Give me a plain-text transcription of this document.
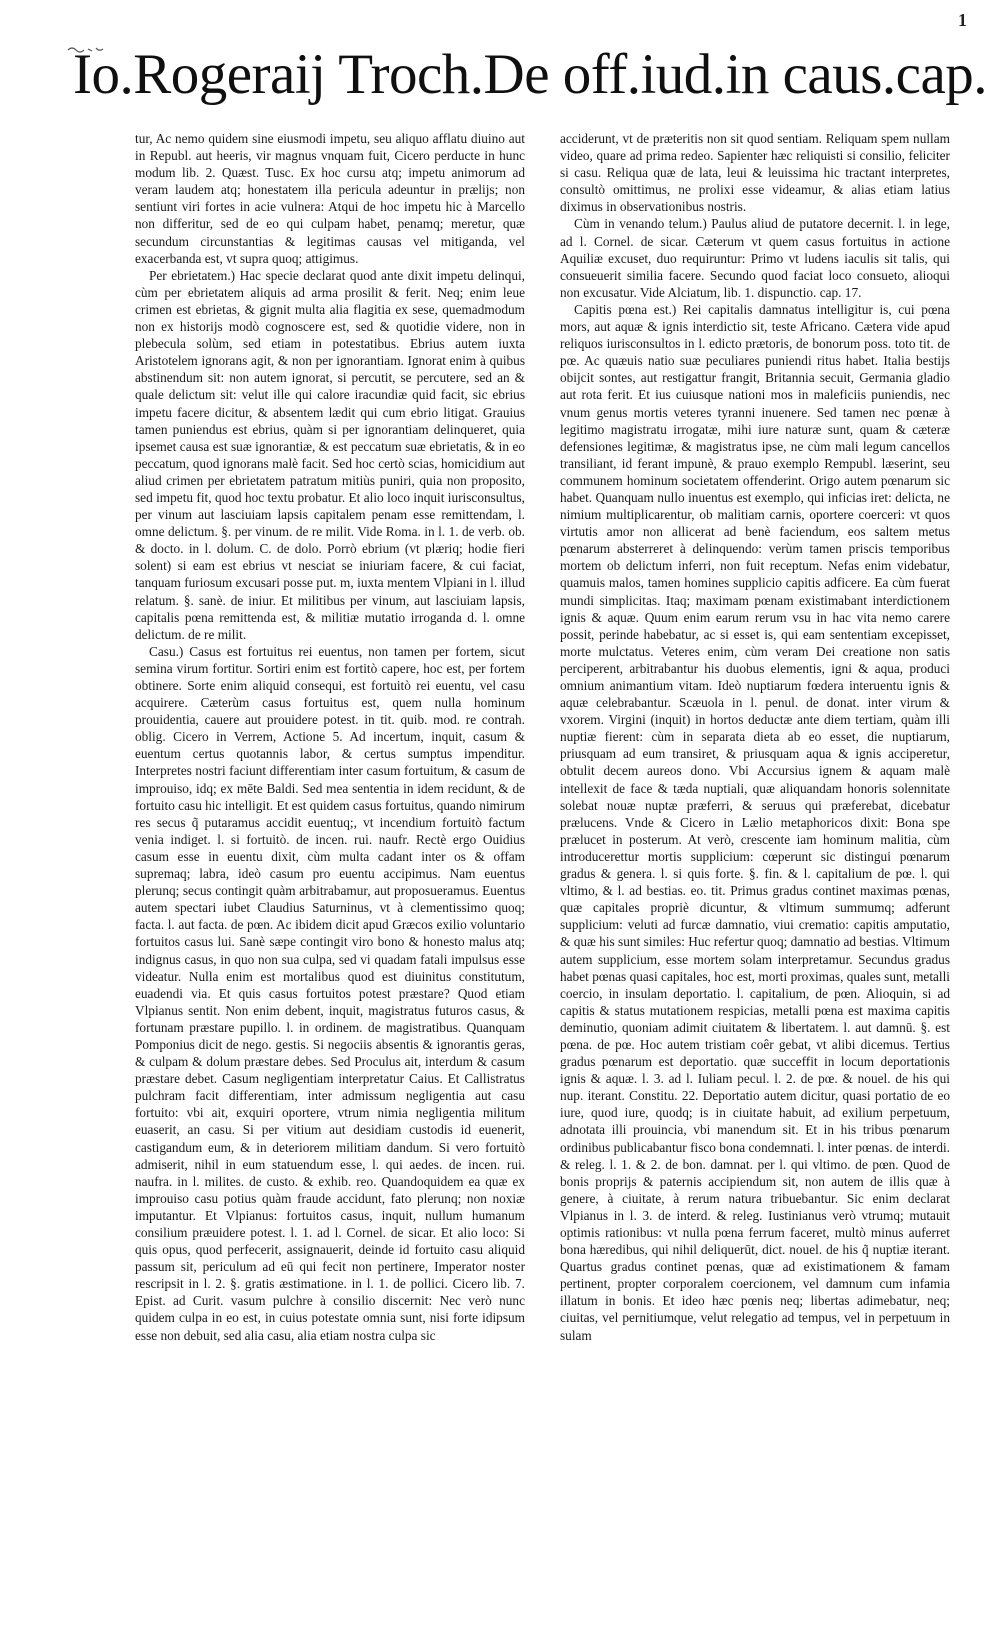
1
Io.Rogeraij Troch.De off.iud.in caus.cap.

tur, Ac nemo quidem sine eiusmodi impetu, seu aliquo afflatu diuino aut in Republ. aut heeris, vir magnus vnquam fuit, Cicero perducte in hunc modum lib. 2. Quæst. Tusc. Ex hoc cursu atq; impetu animorum ad veram laudem atq; honestatem illa pericula adeuntur in prælijs; non sentiunt viri fortes in acie vulnera: Atqui de hoc impetu hic à Marcello non differitur, sed de eo qui culpam habet, penamq; meretur, quæ secundum circunstantias & legitimas causas vel mitiganda, vel exacerbanda est, vt supra quoq; attigimus.

Per ebrietatem.) Hac specie declarat quod ante dixit impetu delinqui, cùm per ebrietatem aliquis ad arma prosilit & ferit. Neq; enim leue crimen est ebrietas, & gignit multa alia flagitia ex sese, quemadmodum non ex historijs modò cognoscere est, sed & quotidie videre, non in plebecula solùm, sed etiam in potestatibus. Ebrius autem iuxta Aristotelem ignorans agit, & non per ignorantiam. Ignorat enim à quibus abstinendum sit: non autem ignorat, si percutit, se percutere, sed an & quale delictum sit: velut ille qui calore iracundiæ quid facit, sic ebrius impetu facere dicitur, & absentem lædit qui cum ebrio litigat. Grauius tamen puniendus est ebrius, quàm si per ignorantiam delinqueret, quia ipsemet causa est suæ ignorantiæ, & est peccatum suæ ebrietatis, & in eo peccatum, quod ignorans malè facit. Sed hoc certò scias, homicidium aut aliud crimen per ebrietatem patratum mitiùs puniri, quia non proposito, sed impetu fit, quod hoc textu probatur. Et alio loco inquit iurisconsultus, per vinum aut lasciuiam lapsis capitalem penam esse remittendam, l. omne delictum. §. per vinum. de re milit. Vide Roma. in l. 1. de verb. ob. & docto. in l. dolum. C. de dolo. Porrò ebrium (vt plæriq; hodie fieri solent) si eam est ebrius vt nesciat se iniuriam facere, & cui faciat, tanquam furiosum excusari posse put. m, iuxta mentem Vlpiani in l. illud relatum. §. sanè. de iniur. Et militibus per vinum, aut lasciuiam lapsis, capitalis pœna remittenda est, & militiæ mutatio irroganda d. l. omne delictum. de re milit.

Casu.) Casus est fortuitus rei euentus, non tamen per fortem, sicut semina virum fortitur. Sortiri enim est fortitò capere, hoc est, per fortem obtinere. Sorte enim aliquid consequi, est fortuitò rei euentu, vel casu acquirere. Cæterùm casus fortuitus est, quem nulla hominum prouidentia, cauere aut prouidere potest. in tit. quib. mod. re contrah. oblig. Cicero in Verrem, Actione 5. Ad incertum, inquit, casum & euentum certus quotannis labor, & certus sumptus impenditur. Interpretes nostri faciunt differentiam inter casum fortuitum, & casum de improuiso, idq; ex mēte Baldi. Sed mea sententia in idem recidunt, & de fortuito casu hic intelligit. Et est quidem casus fortuitus, quando nimirum res secus q̃ putaramus accidit euentuq;, vt incendium fortuitò factum venia indiget. l. si fortuitò. de incen. rui. naufr. Rectè ergo Ouidius casum esse in euentu dixit, cùm multa cadant inter os & offam supremaq; labra, ideò casum pro euentu accipimus. Nam euentus plerunq; secus contingit quàm arbitrabamur, aut proposueramus. Euentus autem spectari iubet Claudius Saturninus, vt à clementissimo quoq; facta. l. aut facta. de pœn. Ac ibidem dicit apud Græcos exilio voluntario fortuitos casus lui. Sanè sæpe contingit viro bono & honesto malus atq; indignus casus, in quo non sua culpa, sed vi quadam fatali impulsus esse videatur. Nulla enim est mortalibus quod est diuinitus constitutum, euadendi via. Et quis casus fortuitos potest præstare? Quod etiam Vlpianus sentit. Non enim debent, inquit, magistratus futuros casus, & fortunam præstare pupillo. l. in ordinem. de magistratibus. Quanquam Pomponius dicit de nego. gestis. Si negociis absentis & ignorantis geras, & culpam & dolum præstare debes. Sed Proculus ait, interdum & casum præstare debet. Casum negligentiam interpretatur Caius. Et Callistratus pulchram facit differentiam, inter admissum negligentia aut casu fortuito: vbi ait, exquiri oportere, vtrum nimia negligentia militum euaserit, an casu. Si per vitium aut desidiam custodis id euenerit, castigandum eum, & in deteriorem militiam dandum. Si vero fortuitò admiserit, nihil in eum statuendum esse, l. qui aedes. de incen. rui. naufra. in l. milites. de custo. & exhib. reo. Quandoquidem ea quæ ex improuiso casu potius quàm fraude accidunt, fato plerunq; non noxiæ imputantur. Et Vlpianus: fortuitos casus, inquit, nullum humanum consilium præuidere potest. l. 1. ad l. Cornel. de sicar. Et alio loco: Si quis opus, quod perfecerit, assignauerit, deinde id fortuito casu aliquid passum sit, periculum ad eū qui fecit non pertinere, Imperator noster rescripsit in l. 2. §. gratis æstimatione. in l. 1. de pollici. Cicero lib. 7. Epist. ad Curit. vasum pulchre à consilio discernit: Nec verò nunc quidem culpa in eo est, in cuius potestate omnia sunt, nisi forte idipsum esse non debuit, sed alia casu, alia etiam nostra culpa sic

acciderunt, vt de præteritis non sit quod sentiam. Reliquam spem nullam video, quare ad prima redeo. Sapienter hæc reliquisti si consilio, feliciter si casu. Reliqua quæ de lata, leui & leuissima hic tractant interpretes, consultò omittimus, ne prolixi esse videamur, & alias etiam latius diximus in observationibus nostris.

Cùm in venando telum.) Paulus aliud de putatore decernit. l. in lege, ad l. Cornel. de sicar. Cæterum vt quem casus fortuitus in actione Aquiliæ excuset, duo requiruntur: Primo vt ludens iaculis sit talis, qui consueuerit similia facere. Secundo quod faciat loco consueto, alioqui non excusatur. Vide Alciatum, lib. 1. dispunctio. cap. 17.

Capitis pœna est.) Rei capitalis damnatus intelligitur is, cui pœna mors, aut aquæ & ignis interdictio sit, teste Africano. Cætera vide apud reliquos iurisconsultos in l. edicto prætoris, de bonorum poss. toto tit. de pœ. Ac quæuis natio suæ peculiares puniendi ritus habet. Italia bestijs obijcit sontes, aut restigattur frangit, Britannia secuit, Germania gladio aut rota ferit. Et ius cuiusque nationi mos in maleficiis puniendis, nec vnum genus mortis veteres tyranni inuenere. Sed tamen nec pœnæ à legitimo magistratu irrogatæ, mihi iure naturæ sunt, quam & cæteræ defensiones legitimæ, & magistratus ipse, ne cùm mali legum cancellos transiliant, id ferant impunè, & prauo exemplo Rempubl. læserint, seu communem hominum societatem offenderint. Origo autem pœnarum sic habet. Quanquam nullo inuentus est exemplo, qui inficias iret: delicta, ne nimium multiplicarentur, ob malitiam carnis, oportere coerceri: vt quos virtutis amor non allicerat ad benè faciendum, eos saltem metus pœnarum absterreret à delinquendo: verùm tamen priscis temporibus mortem ob delictum inferri, non fuit receptum. Nefas enim videbatur, quamuis malos, tamen homines supplicio capitis adficere. Ea cùm fuerat mundi simplicitas. Itaq; maximam pœnam existimabant interdictionem ignis & aquæ. Quum enim earum rerum vsu in hac vita nemo carere possit, perinde habebatur, ac si esset is, qui eam sententiam excepisset, morte mulctatus. Veteres enim, cùm veram Dei creatione non satis perciperent, arbitrabantur his duobus elementis, igni & aqua, produci omnium animantium vitam. Ideò nuptiarum fœdera interuentu ignis & aquæ celebrabantur. Scæuola in l. penul. de donat. inter virum & vxorem. Virgini (inquit) in hortos deductæ ante diem tertiam, quàm illi nuptiæ fierent: cùm in separata dieta ab eo esset, die nuptiarum, priusquam ad eum transiret, & priusquam aqua & ignis acciperetur, obtulit decem aureos dono. Vbi Accursius ignem & aquam malè intellexit de face & tæda nuptiali, quæ aliquandam honoris solennitate solebat nouæ nuptæ præferri, & seruus qui præferebat, dicebatur prælucens. Vnde & Cicero in Lælio metaphoricos dixit: Bona spe prælucet in posterum. At verò, crescente iam hominum malitia, cùm introducerettur mortis supplicium: cœperunt sic distingui pœnarum gradus & genera. l. si quis forte. §. fin. & l. capitalium de pœ. l. qui vltimo, & l. ad bestias. eo. tit. Primus gradus continet maximas pœnas, quæ capitales propriè dicuntur, & vltimum summumq; adferunt supplicium: veluti ad furcæ damnatio, viui crematio: capitis amputatio, & quæ his sunt similes: Huc refertur quoq; damnatio ad bestias. Vltimum autem supplicium, esse mortem solam interpretamur. Secundus gradus habet pœnas quasi capitales, hoc est, morti proximas, quales sunt, metalli coercio, in insulam deportatio. l. capitalium, de pœn. Alioquin, si ad capitis & status mutationem respicias, metalli pœna est maxima capitis deminutio, quoniam adimit ciuitatem & libertatem. l. aut damnū. §. est pœna. de pœ. Hoc autem tristiam coêr gebat, vt alibi dicemus. Tertius gradus pœnarum est deportatio. quæ succeffit in locum deportationis ignis & aquæ. l. 3. ad l. Iuliam pecul. l. 2. de pœ. & nouel. de his qui nup. iterant. Constitu. 22. Deportatio autem dicitur, quasi portatio de eo iure, quod iure, quodq; is in ciuitate habuit, ad exilium perpetuum, adnotata illi prouincia, vbi manendum sit. Et in his tribus pœnarum ordinibus publicabantur fisco bona condemnati. l. inter pœnas. de interdi. & releg. l. 1. & 2. de bon. damnat. per l. qui vltimo. de pœn. Quod de bonis proprijs & paternis accipiendum sit, non autem de illis quæ à genere, à ciuitate, à rerum natura tribuebantur. Sic enim declarat Vlpianus in l. 3. de interd. & releg. Iustinianus verò vtrumq; mutauit optimis rationibus: vt nulla pœna ferrum faceret, multò minus auferret bona hæredibus, qui nihil deliquerūt, dict. nouel. de his q̃ nuptiæ iterant. Quartus gradus continet pœnas, quæ ad existimationem & famam pertinent, propter corporalem coercionem, vel damnum cum infamia illatum in bonis. Et ideo hæc pœnis neq; libertas adimebatur, neq; ciuitas, vel pernitiumque, velut relegatio ad tempus, vel in perpetuum in sulam
